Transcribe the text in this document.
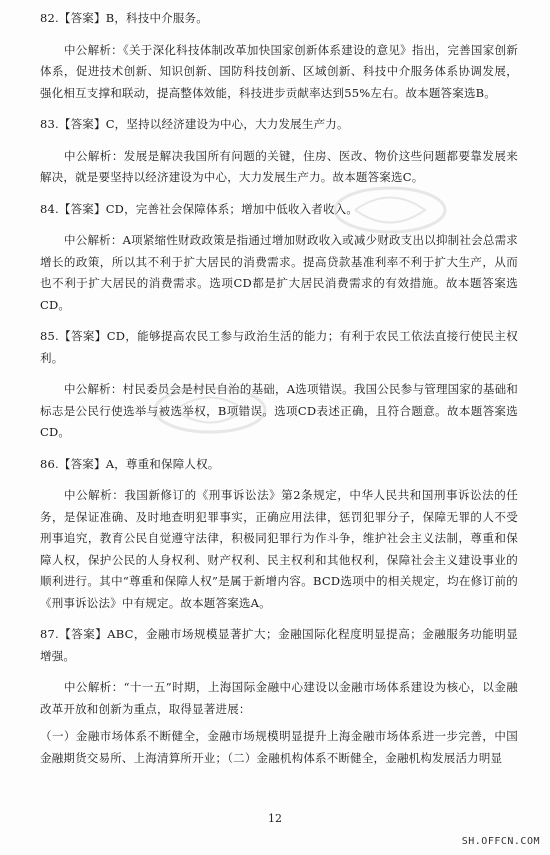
82.【答案】B，科技中介服务。

中公解析：《关于深化科技体制改革加快国家创新体系建设的意见》指出，完善国家创新体系，促进技术创新、知识创新、国防科技创新、区域创新、科技中介服务体系协调发展，强化相互支撑和联动，提高整体效能，科技进步贡献率达到55%左右。故本题答案选B。

83.【答案】C，坚持以经济建设为中心，大力发展生产力。

中公解析：发展是解决我国所有问题的关键，住房、医改、物价这些问题都要靠发展来解决，就是要坚持以经济建设为中心，大力发展生产力。故本题答案选C。

84.【答案】CD，完善社会保障体系；增加中低收入者收入。

中公解析：A项紧缩性财政政策是指通过增加财政收入或减少财政支出以抑制社会总需求增长的政策，所以其不利于扩大居民的消费需求。提高贷款基准利率不利于扩大生产，从而也不利于扩大居民的消费需求。选项CD都是扩大居民消费需求的有效措施。故本题答案选CD。

85.【答案】CD，能够提高农民工参与政治生活的能力；有利于农民工依法直接行使民主权利。

中公解析：村民委员会是村民自治的基础，A选项错误。我国公民参与管理国家的基础和标志是公民行使选举与被选举权，B项错误。选项CD表述正确，且符合题意。故本题答案选CD。

86.【答案】A，尊重和保障人权。

中公解析：我国新修订的《刑事诉讼法》第2条规定，中华人民共和国刑事诉讼法的任务，是保证准确、及时地查明犯罪事实，正确应用法律，惩罚犯罪分子，保障无罪的人不受刑事追究，教育公民自觉遵守法律，积极同犯罪行为作斗争，维护社会主义法制，尊重和保障人权，保护公民的人身权利、财产权利、民主权利和其他权利，保障社会主义建设事业的顺利进行。其中“尊重和保障人权”是属于新增内容。BCD选项中的相关规定，均在修订前的《刑事诉讼法》中有规定。故本题答案选A。

87.【答案】ABC，金融市场规模显著扩大；金融国际化程度明显提高；金融服务功能明显增强。

中公解析：“十一五”时期，上海国际金融中心建设以金融市场体系建设为核心，以金融改革开放和创新为重点，取得显著进展：

（一）金融市场体系不断健全，金融市场规模明显提升上海金融市场体系进一步完善，中国金融期货交易所、上海清算所开业；（二）金融机构体系不断健全，金融机构发展活力明显

12
SH.OFFCN.COM
